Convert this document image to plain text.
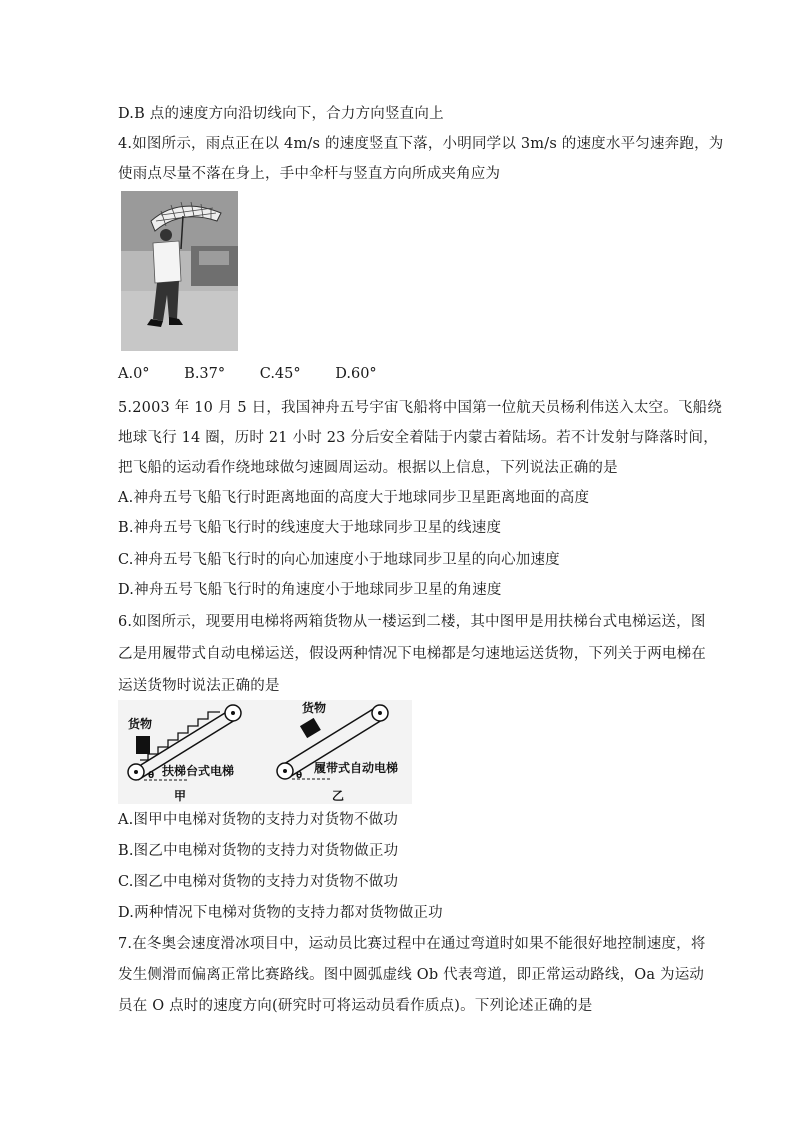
D.B 点的速度方向沿切线向下，合力方向竖直向上
4.如图所示，雨点正在以 4m/s 的速度竖直下落，小明同学以 3m/s 的速度水平匀速奔跑，为
使雨点尽量不落在身上，手中伞杆与竖直方向所成夹角应为
A.0° B.37° C.45° D.60°
5.2003 年 10 月 5 日，我国神舟五号宇宙飞船将中国第一位航天员杨利伟送入太空。飞船绕
地球飞行 14 圈，历时 21 小时 23 分后安全着陆于内蒙古着陆场。若不计发射与降落时间，
把飞船的运动看作绕地球做匀速圆周运动。根据以上信息，下列说法正确的是
A.神舟五号飞船飞行时距离地面的高度大于地球同步卫星距离地面的高度
B.神舟五号飞船飞行时的线速度大于地球同步卫星的线速度
C.神舟五号飞船飞行时的向心加速度小于地球同步卫星的向心加速度
D.神舟五号飞船飞行时的角速度小于地球同步卫星的角速度
6.如图所示，现要用电梯将两箱货物从一楼运到二楼，其中图甲是用扶梯台式电梯运送，图
乙是用履带式自动电梯运送，假设两种情况下电梯都是匀速地运送货物，下列关于两电梯在
运送货物时说法正确的是
货物
θ 扶梯台式电梯
甲
货物
θ
履带式自动电梯
乙
A.图甲中电梯对货物的支持力对货物不做功
B.图乙中电梯对货物的支持力对货物做正功
C.图乙中电梯对货物的支持力对货物不做功
D.两种情况下电梯对货物的支持力都对货物做正功
7.在冬奥会速度滑冰项目中，运动员比赛过程中在通过弯道时如果不能很好地控制速度，将
发生侧滑而偏离正常比赛路线。图中圆弧虚线 Ob 代表弯道，即正常运动路线，Oa 为运动
员在 O 点时的速度方向(研究时可将运动员看作质点)。下列论述正确的是
